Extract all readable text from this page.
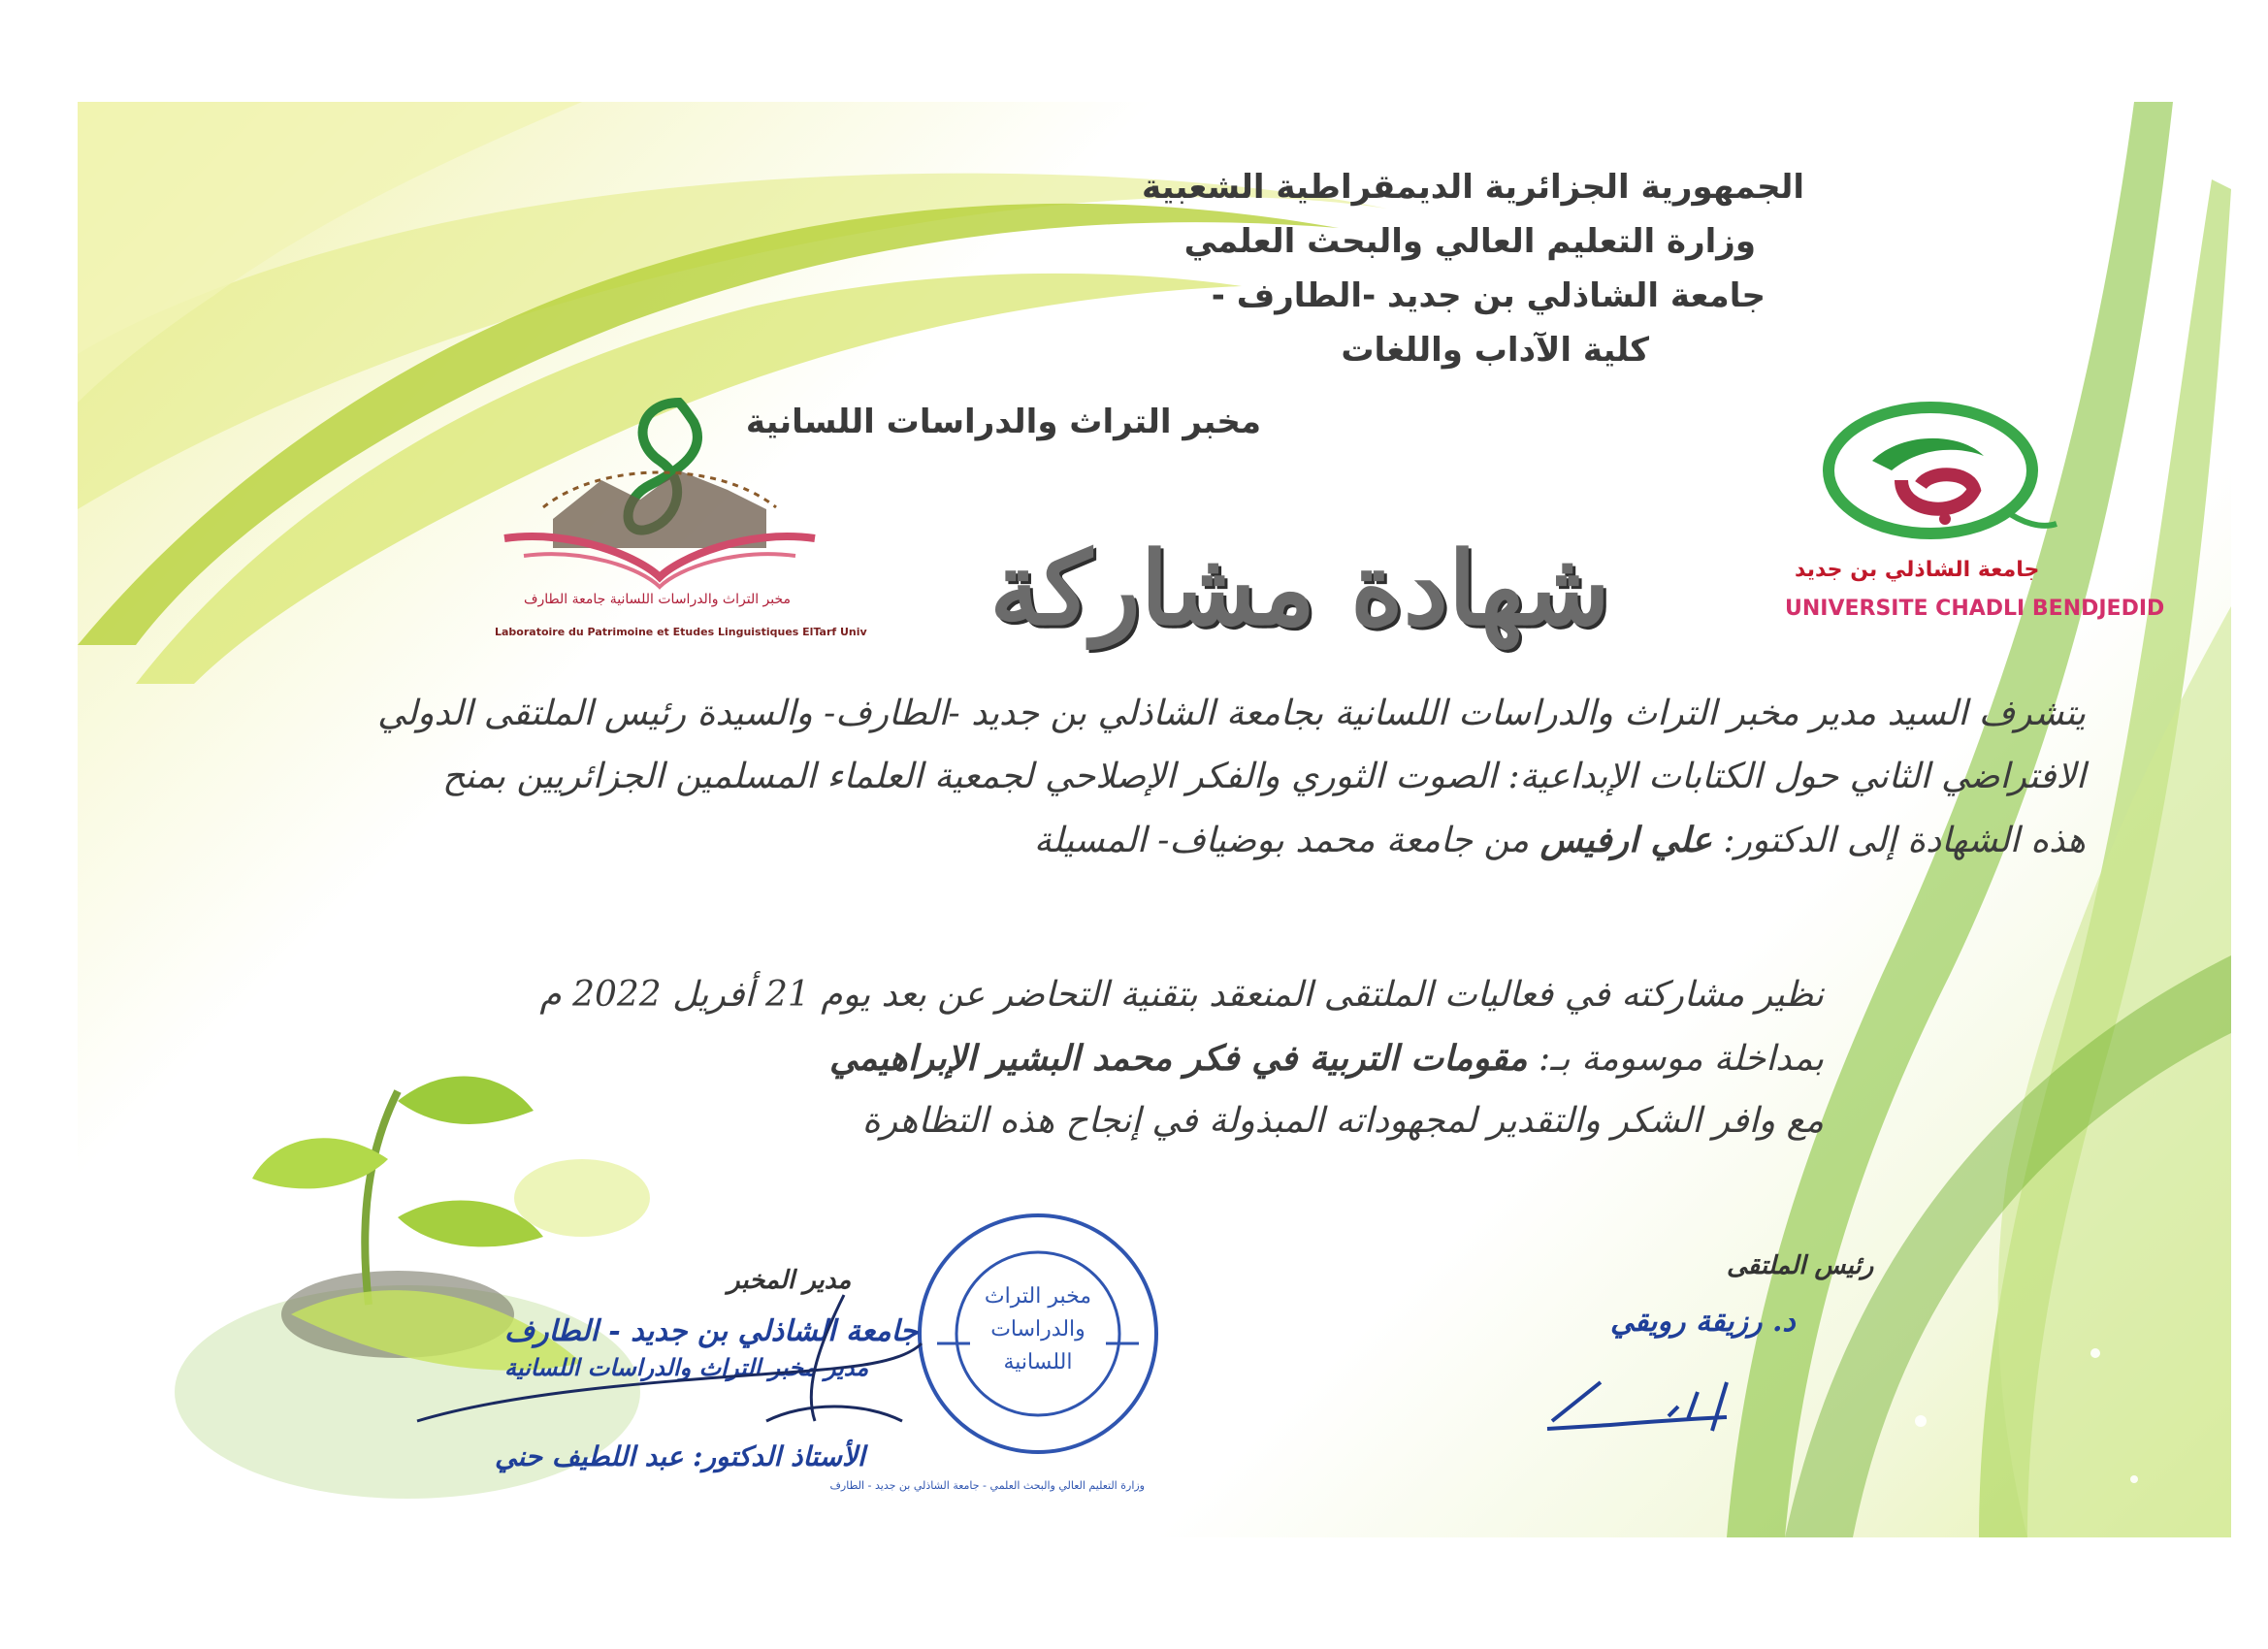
مخبر التراث والدراسات اللسانية جامعة الطارف
Laboratoire du Patrimoine et Etudes Linguistiques ElTarf Univ
جامعة الشاذلي بن جديد
UNIVERSITE CHADLI BENDJEDID
الجمهورية الجزائرية الديمقراطية الشعبية
وزارة التعليم العالي والبحث العلمي
جامعة الشاذلي بن جديد -الطارف -
كلية الآداب واللغات
مخبر التراث والدراسات اللسانية
شهادة مشاركة
يتشرف السيد مدير مخبر التراث والدراسات اللسانية بجامعة الشاذلي بن جديد -الطارف- والسيدة رئيس الملتقى الدولي
الافتراضي الثاني حول الكتابات الإبداعية: الصوت الثوري والفكر الإصلاحي لجمعية العلماء المسلمين الجزائريين بمنح
هذه الشهادة إلى الدكتور: علي ارفيس من جامعة محمد بوضياف- المسيلة
نظير مشاركته في فعاليات الملتقى المنعقد بتقنية التحاضر عن بعد يوم 21 أفريل 2022 م
بمداخلة موسومة بـ: مقومات التربية في فكر محمد البشير الإبراهيمي
مع وافر الشكر والتقدير لمجهوداته المبذولة في إنجاح هذه التظاهرة
رئيس الملتقى
د. رزيقة رويقي
وزارة التعليم العالي والبحث العلمي - جامعة الشاذلي بن جديد - الطارف
مخبر التراث
والدراسات
اللسانية
مدير المخبر
جامعة الشاذلي بن جديد - الطارف
مدير مخبر التراث والدراسات اللسانية
الأستاذ الدكتور: عبد اللطيف حني
